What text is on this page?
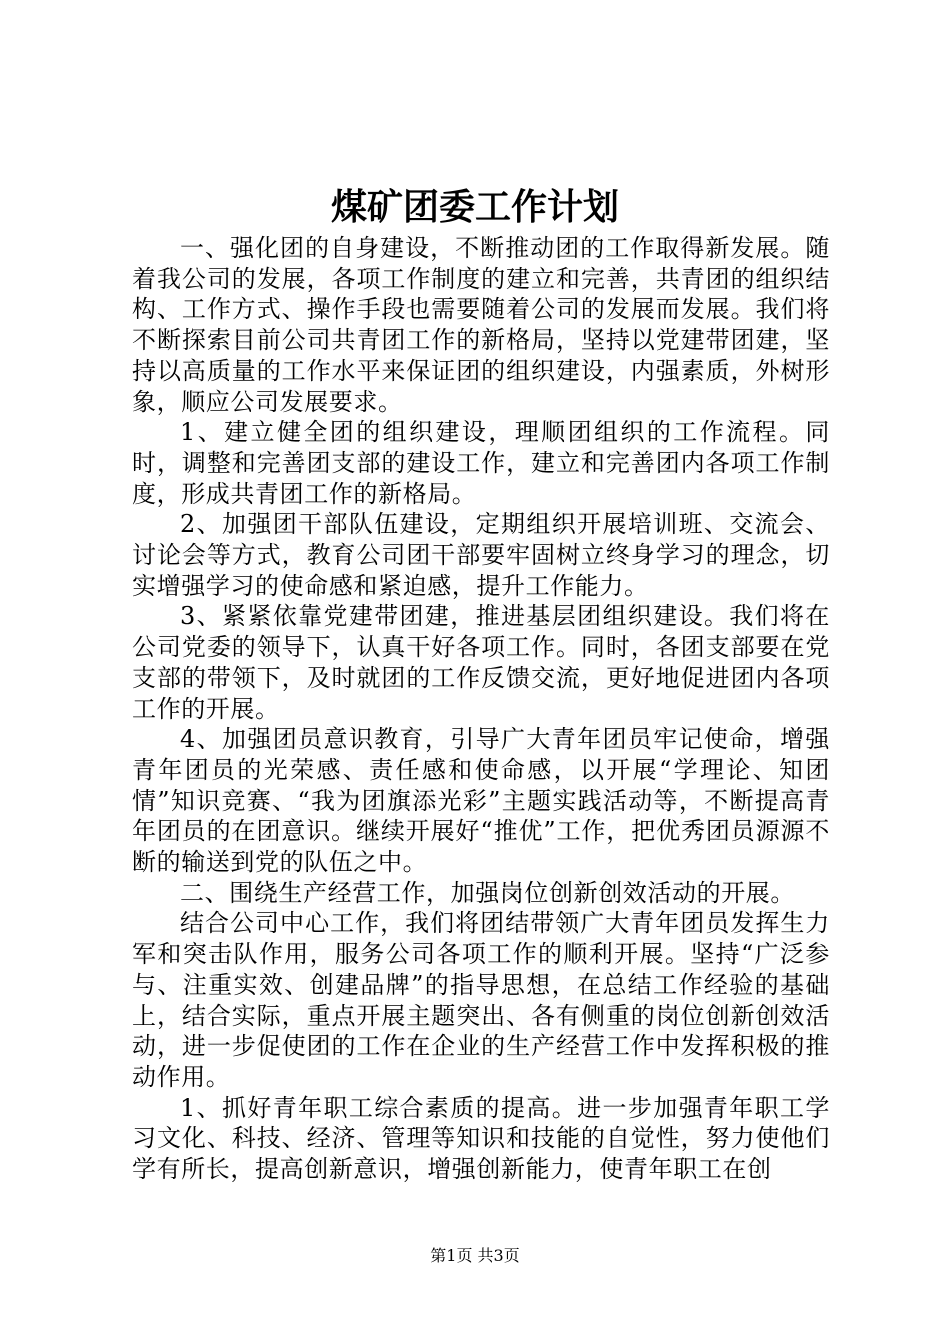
煤矿团委工作计划

一、强化团的自身建设，不断推动团的工作取得新发展。随着我公司的发展，各项工作制度的建立和完善，共青团的组织结构、工作方式、操作手段也需要随着公司的发展而发展。我们将不断探索目前公司共青团工作的新格局，坚持以党建带团建，坚持以高质量的工作水平来保证团的组织建设，内强素质，外树形象，顺应公司发展要求。

1、建立健全团的组织建设，理顺团组织的工作流程。同时，调整和完善团支部的建设工作，建立和完善团内各项工作制度，形成共青团工作的新格局。

2、加强团干部队伍建设，定期组织开展培训班、交流会、讨论会等方式，教育公司团干部要牢固树立终身学习的理念，切实增强学习的使命感和紧迫感，提升工作能力。

3、紧紧依靠党建带团建，推进基层团组织建设。我们将在公司党委的领导下，认真干好各项工作。同时，各团支部要在党支部的带领下，及时就团的工作反馈交流，更好地促进团内各项工作的开展。

4、加强团员意识教育，引导广大青年团员牢记使命，增强青年团员的光荣感、责任感和使命感，以开展“学理论、知团情”知识竞赛、“我为团旗添光彩”主题实践活动等，不断提高青年团员的在团意识。继续开展好“推优”工作，把优秀团员源源不断的输送到党的队伍之中。

二、围绕生产经营工作，加强岗位创新创效活动的开展。

结合公司中心工作，我们将团结带领广大青年团员发挥生力军和突击队作用，服务公司各项工作的顺利开展。坚持“广泛参与、注重实效、创建品牌”的指导思想，在总结工作经验的基础上，结合实际，重点开展主题突出、各有侧重的岗位创新创效活动，进一步促使团的工作在企业的生产经营工作中发挥积极的推动作用。

1、抓好青年职工综合素质的提高。进一步加强青年职工学习文化、科技、经济、管理等知识和技能的自觉性，努力使他们学有所长，提高创新意识，增强创新能力，使青年职工在创

第1页 共3页
